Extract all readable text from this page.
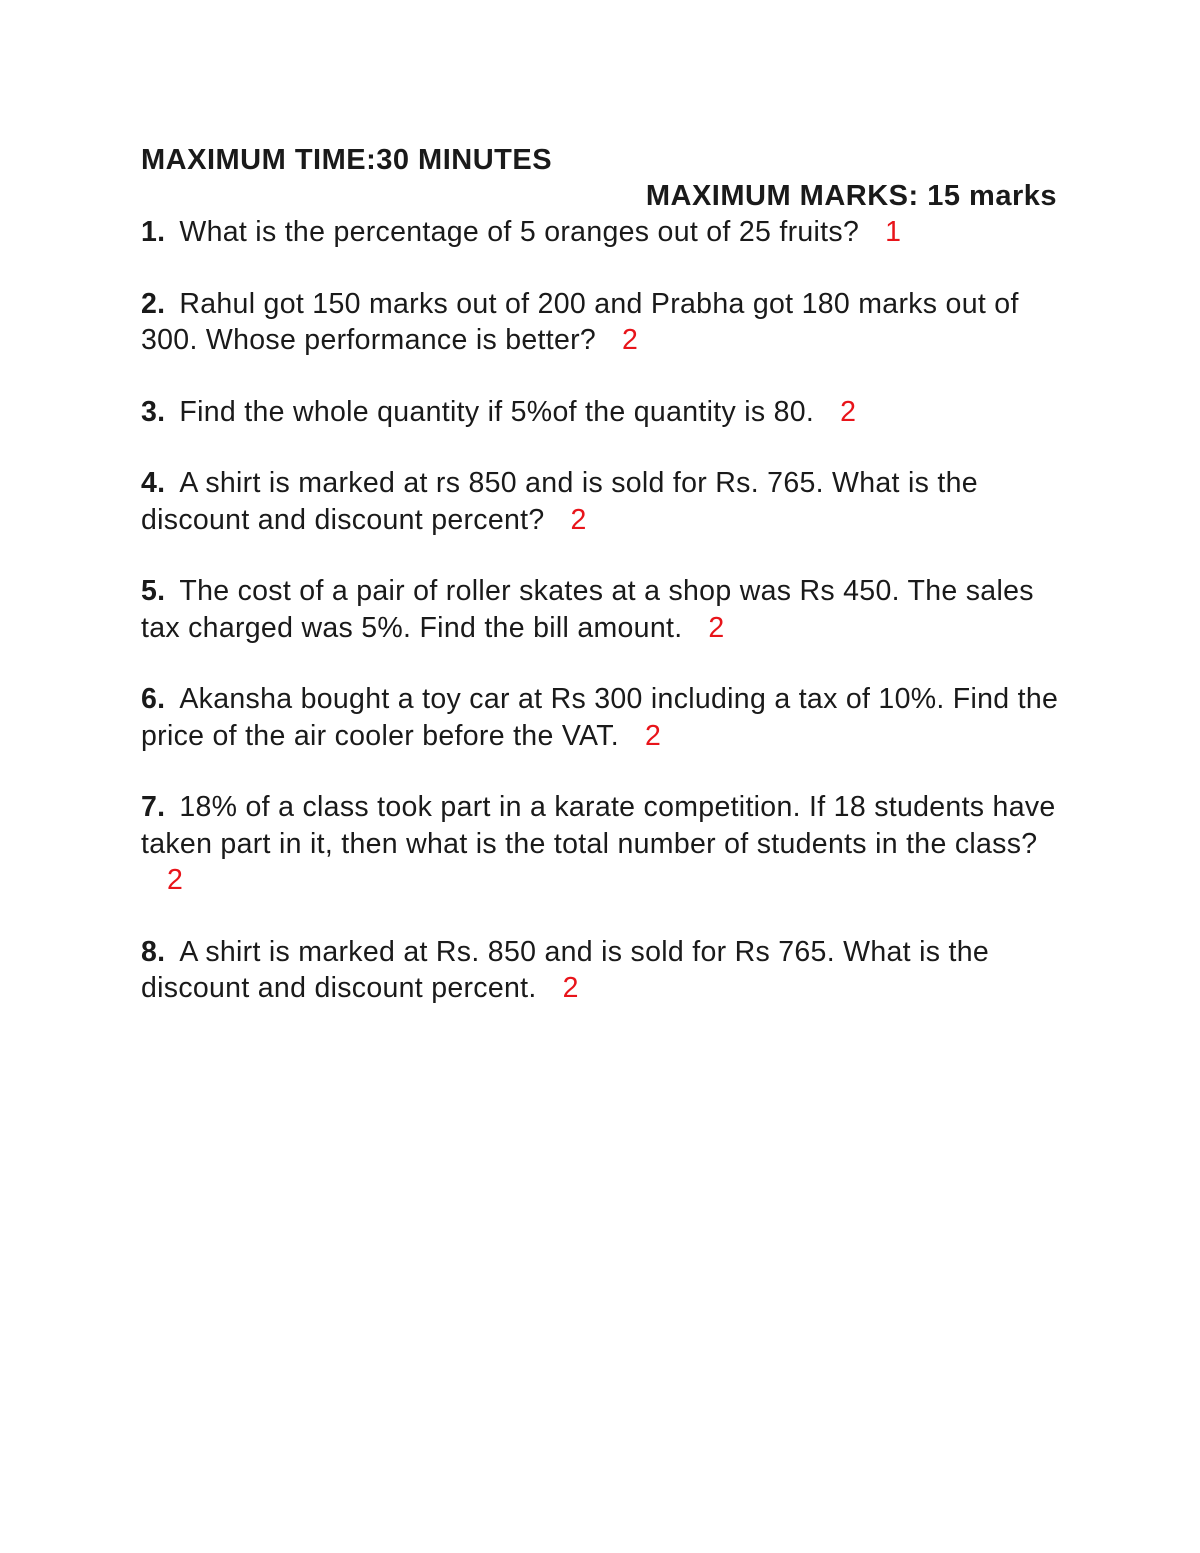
MAXIMUM TIME:30 MINUTES
MAXIMUM MARKS: 15 marks
1. What is the percentage of 5 oranges out of 25 fruits? 1
2. Rahul got 150 marks out of 200 and Prabha got 180 marks out of 300. Whose performance is better? 2
3. Find the whole quantity if 5%of the quantity is 80. 2
4. A shirt is marked at rs 850 and is sold for Rs. 765. What is the discount and discount percent? 2
5. The cost of a pair of roller skates at a shop was Rs 450. The sales tax charged was 5%. Find the bill amount. 2
6. Akansha bought a toy car at Rs 300 including a tax of 10%. Find the price of the air cooler before the VAT. 2
7. 18% of a class took part in a karate competition. If 18 students have taken part in it, then what is the total number of students in the class?2
8. A shirt is marked at Rs. 850 and is sold for Rs 765. What is the discount and discount percent. 2
